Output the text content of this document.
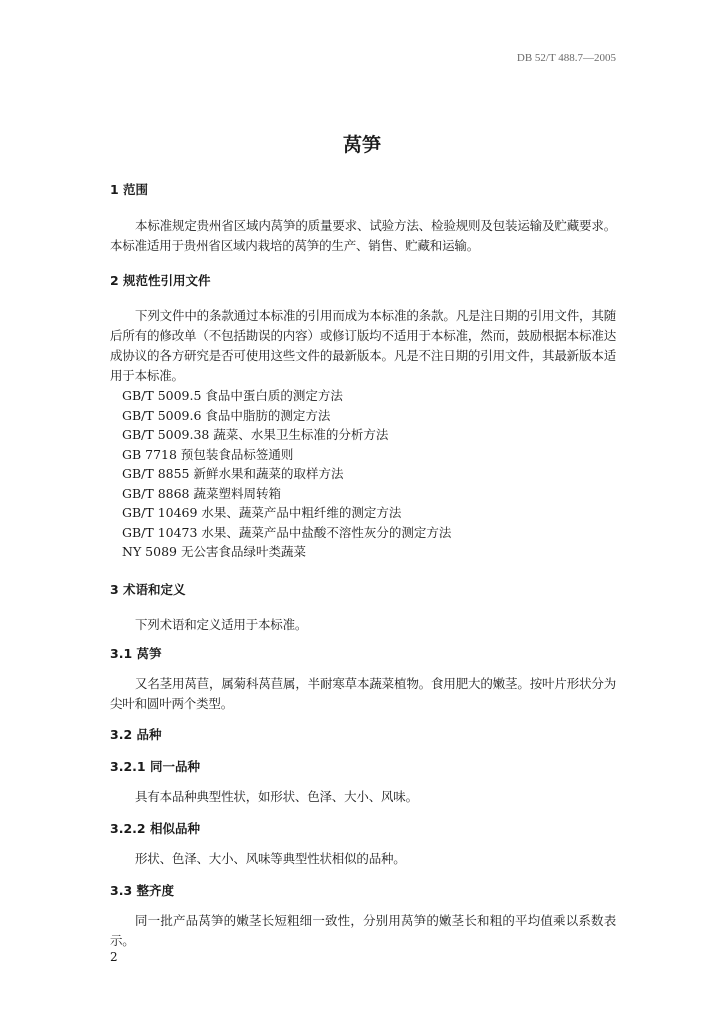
DB 52/T 488.7—2005
莴笋
1 范围
本标准规定贵州省区域内莴笋的质量要求、试验方法、检验规则及包装运输及贮藏要求。本标准适用于贵州省区域内栽培的莴笋的生产、销售、贮藏和运输。
2 规范性引用文件
下列文件中的条款通过本标准的引用而成为本标准的条款。凡是注日期的引用文件，其随后所有的修改单（不包括勘误的内容）或修订版均不适用于本标准，然而，鼓励根据本标准达成协议的各方研究是否可使用这些文件的最新版本。凡是不注日期的引用文件，其最新版本适用于本标准。
GB/T 5009.5 食品中蛋白质的测定方法
GB/T 5009.6 食品中脂肪的测定方法
GB/T 5009.38 蔬菜、水果卫生标准的分析方法
GB 7718 预包装食品标签通则
GB/T 8855 新鲜水果和蔬菜的取样方法
GB/T 8868 蔬菜塑料周转箱
GB/T 10469 水果、蔬菜产品中粗纤维的测定方法
GB/T 10473 水果、蔬菜产品中盐酸不溶性灰分的测定方法
NY 5089 无公害食品绿叶类蔬菜
3 术语和定义
下列术语和定义适用于本标准。
3.1 莴笋
又名茎用莴苣，属菊科莴苣属，半耐寒草本蔬菜植物。食用肥大的嫩茎。按叶片形状分为尖叶和圆叶两个类型。
3.2 品种
3.2.1 同一品种
具有本品种典型性状，如形状、色泽、大小、风味。
3.2.2 相似品种
形状、色泽、大小、风味等典型性状相似的品种。
3.3 整齐度
同一批产品莴笋的嫩茎长短粗细一致性，分别用莴笋的嫩茎长和粗的平均值乘以系数表示。
2
